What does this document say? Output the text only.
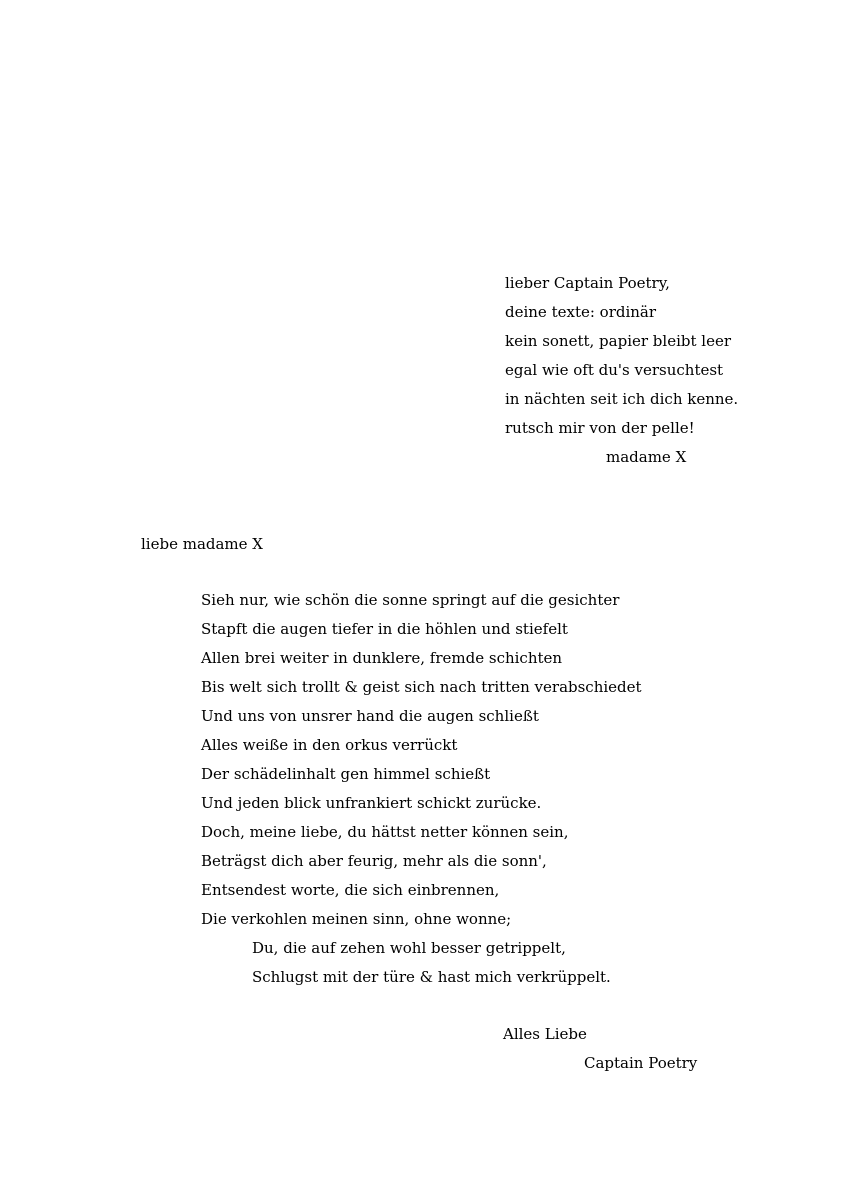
lieber Captain Poetry,
deine texte: ordinär
kein sonett, papier bleibt leer
egal wie oft du's versuchtest
in nächten seit ich dich kenne.
rutsch mir von der pelle!
madame X
liebe madame X
Sieh nur, wie schön die sonne springt auf die gesichter
Stapft die augen tiefer in die höhlen und stiefelt
Allen brei weiter in dunklere, fremde schichten
Bis welt sich trollt & geist sich nach tritten verabschiedet
Und uns von unsrer hand die augen schließt
Alles weiße in den orkus verrückt
Der schädelinhalt gen himmel schießt
Und jeden blick unfrankiert schickt zurücke.
Doch, meine liebe, du hättst netter können sein,
Beträgst dich aber feurig, mehr als die sonn',
Entsendest worte, die sich einbrennen,
Die verkohlen meinen sinn, ohne wonne;
Du, die auf zehen wohl besser getrippelt,
Schlugst mit der türe & hast mich verkrüppelt.
Alles Liebe
Captain Poetry
